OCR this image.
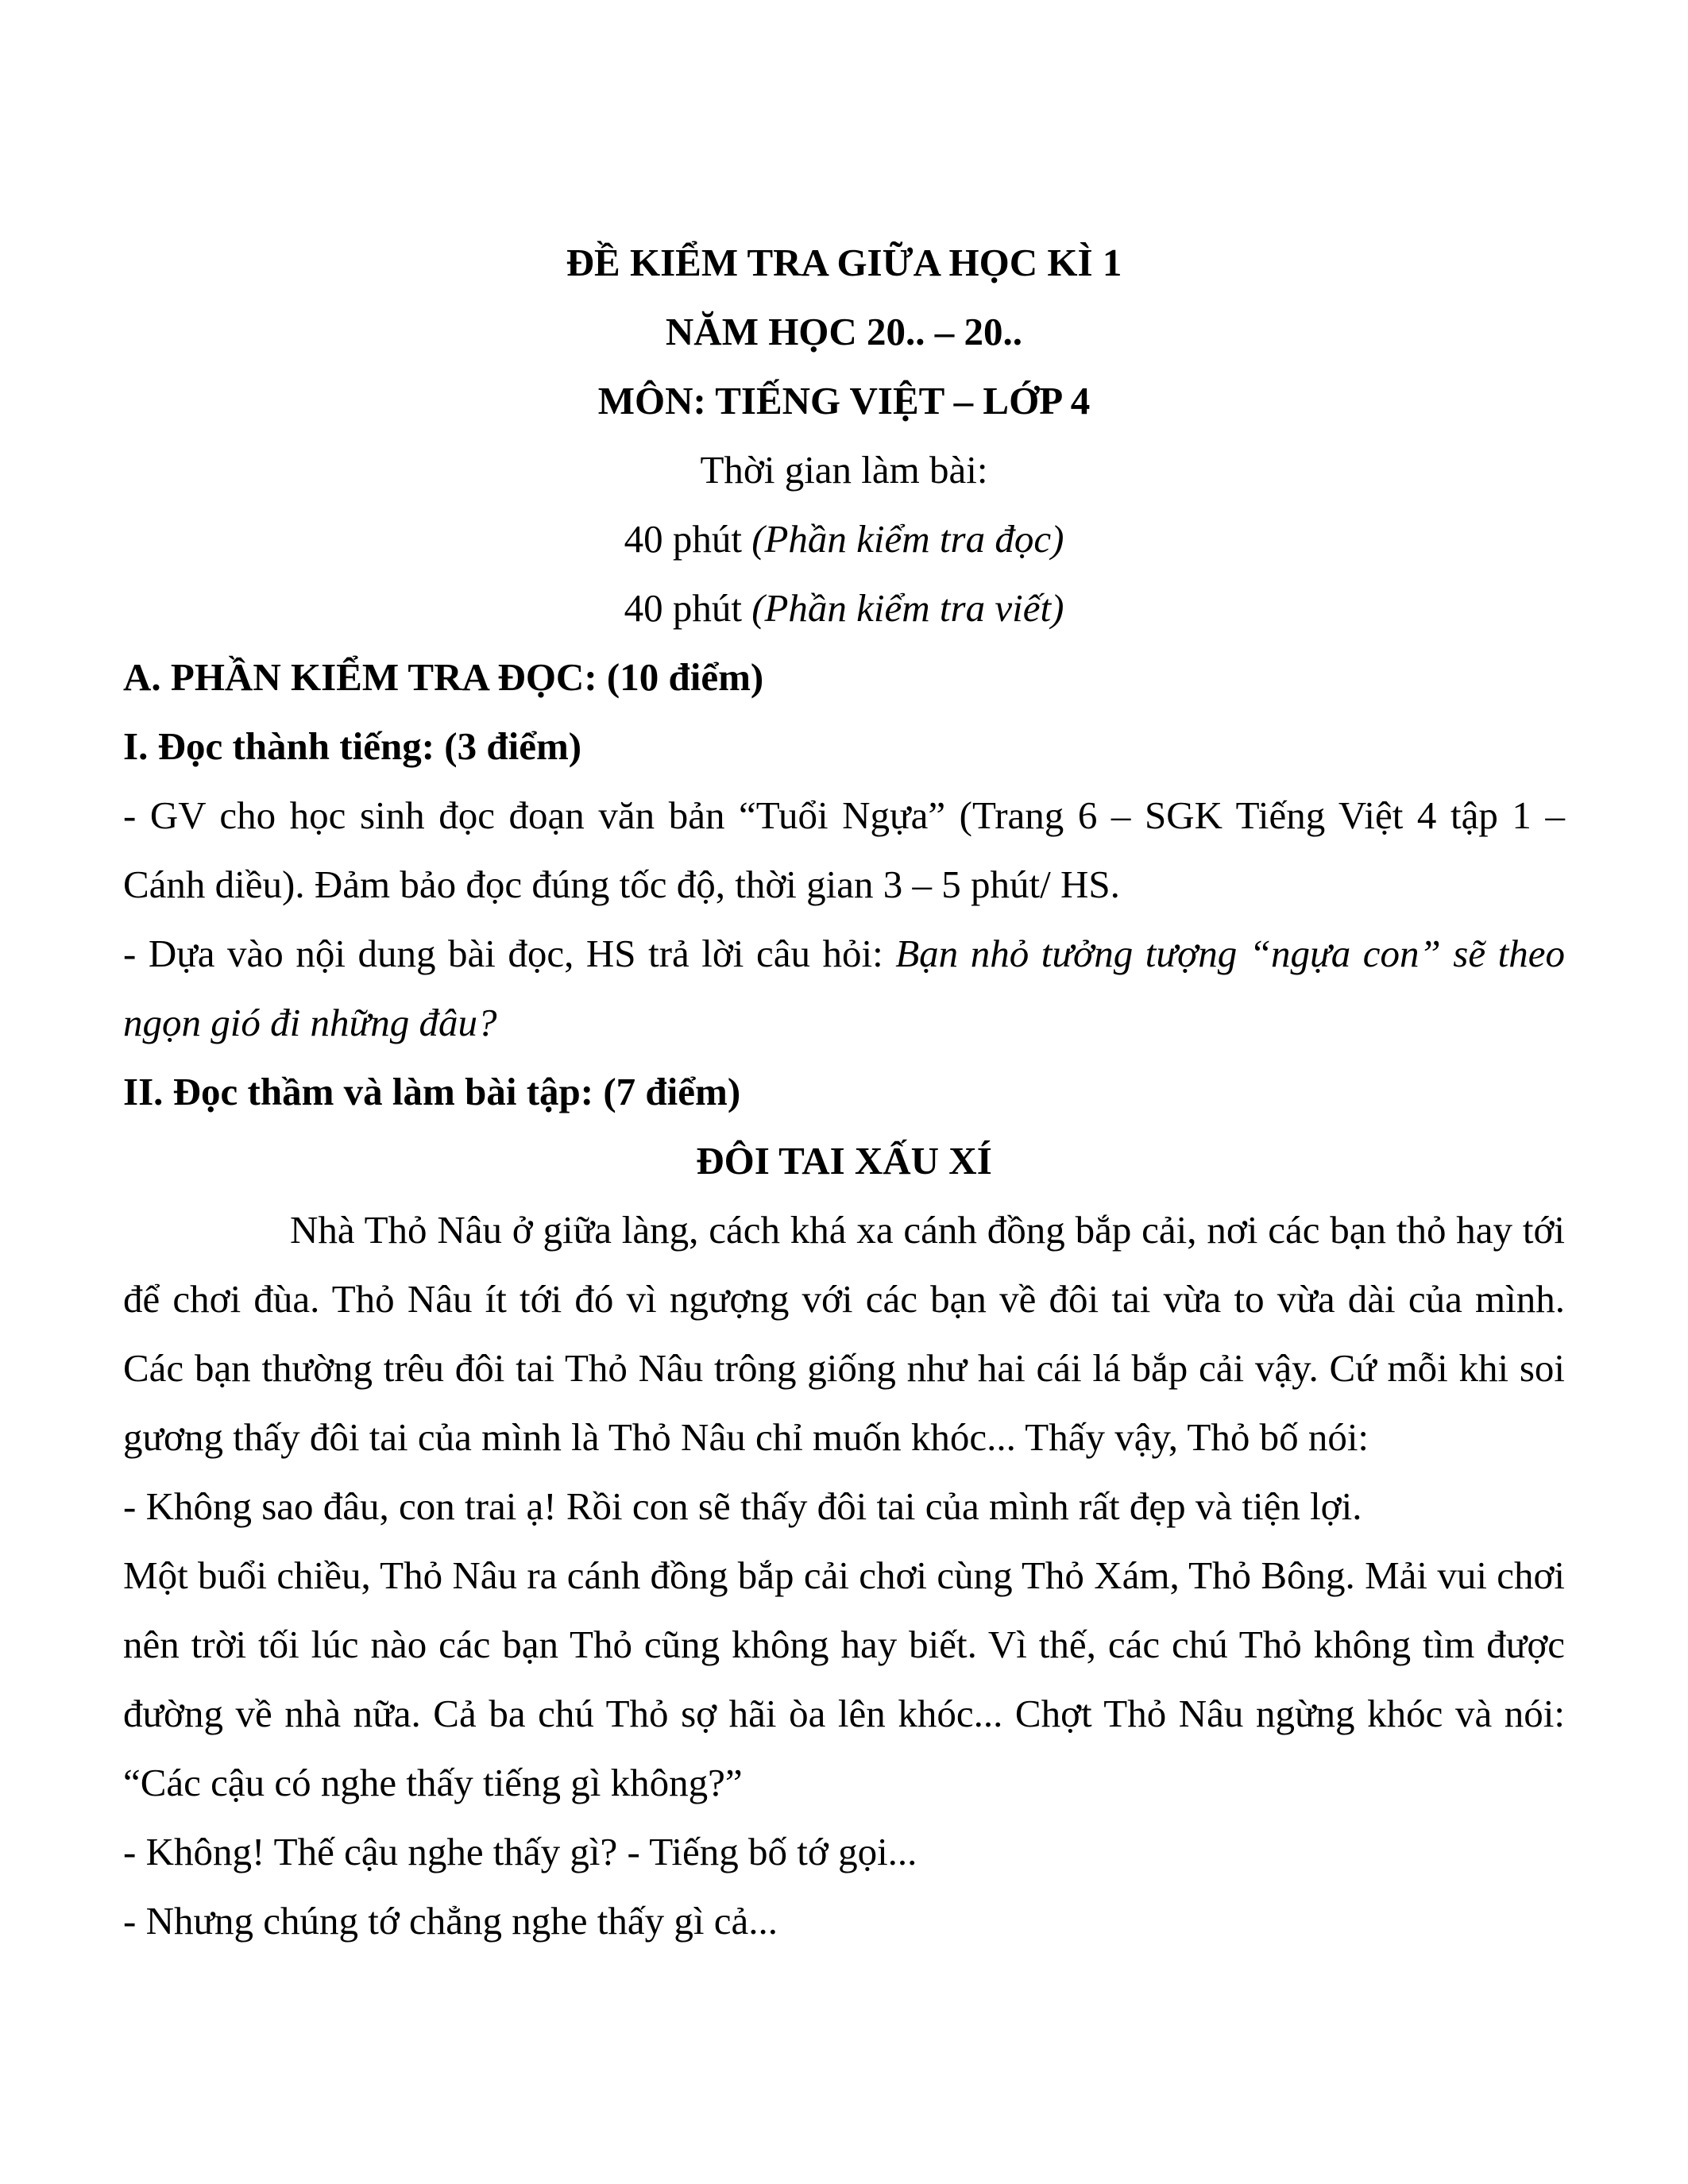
ĐỀ KIỂM TRA GIỮA HỌC KÌ 1
NĂM HỌC 20.. – 20..
MÔN: TIẾNG VIỆT – LỚP 4
Thời gian làm bài:
40 phút (Phần kiểm tra đọc)
40 phút (Phần kiểm tra viết)
A. PHẦN KIỂM TRA ĐỌC: (10 điểm)
I. Đọc thành tiếng: (3 điểm)

- GV cho học sinh đọc đoạn văn bản “Tuổi Ngựa” (Trang 6 – SGK Tiếng Việt 4 tập 1 – Cánh diều). Đảm bảo đọc đúng tốc độ, thời gian 3 – 5 phút/ HS.

- Dựa vào nội dung bài đọc, HS trả lời câu hỏi: Bạn nhỏ tưởng tượng “ngựa con” sẽ theo ngọn gió đi những đâu?

II. Đọc thầm và làm bài tập: (7 điểm)
ĐÔI TAI XẤU XÍ

Nhà Thỏ Nâu ở giữa làng, cách khá xa cánh đồng bắp cải, nơi các bạn thỏ hay tới để chơi đùa. Thỏ Nâu ít tới đó vì ngượng với các bạn về đôi tai vừa to vừa dài của mình. Các bạn thường trêu đôi tai Thỏ Nâu trông giống như hai cái lá bắp cải vậy. Cứ mỗi khi soi gương thấy đôi tai của mình là Thỏ Nâu chỉ muốn khóc... Thấy vậy, Thỏ bố nói:

- Không sao đâu, con trai ạ! Rồi con sẽ thấy đôi tai của mình rất đẹp và tiện lợi.

Một buổi chiều, Thỏ Nâu ra cánh đồng bắp cải chơi cùng Thỏ Xám, Thỏ Bông. Mải vui chơi nên trời tối lúc nào các bạn Thỏ cũng không hay biết. Vì thế, các chú Thỏ không tìm được đường về nhà nữa. Cả ba chú Thỏ sợ hãi òa lên khóc... Chợt Thỏ Nâu ngừng khóc và nói: “Các cậu có nghe thấy tiếng gì không?”

- Không! Thế cậu nghe thấy gì? - Tiếng bố tớ gọi...

- Nhưng chúng tớ chẳng nghe thấy gì cả...
